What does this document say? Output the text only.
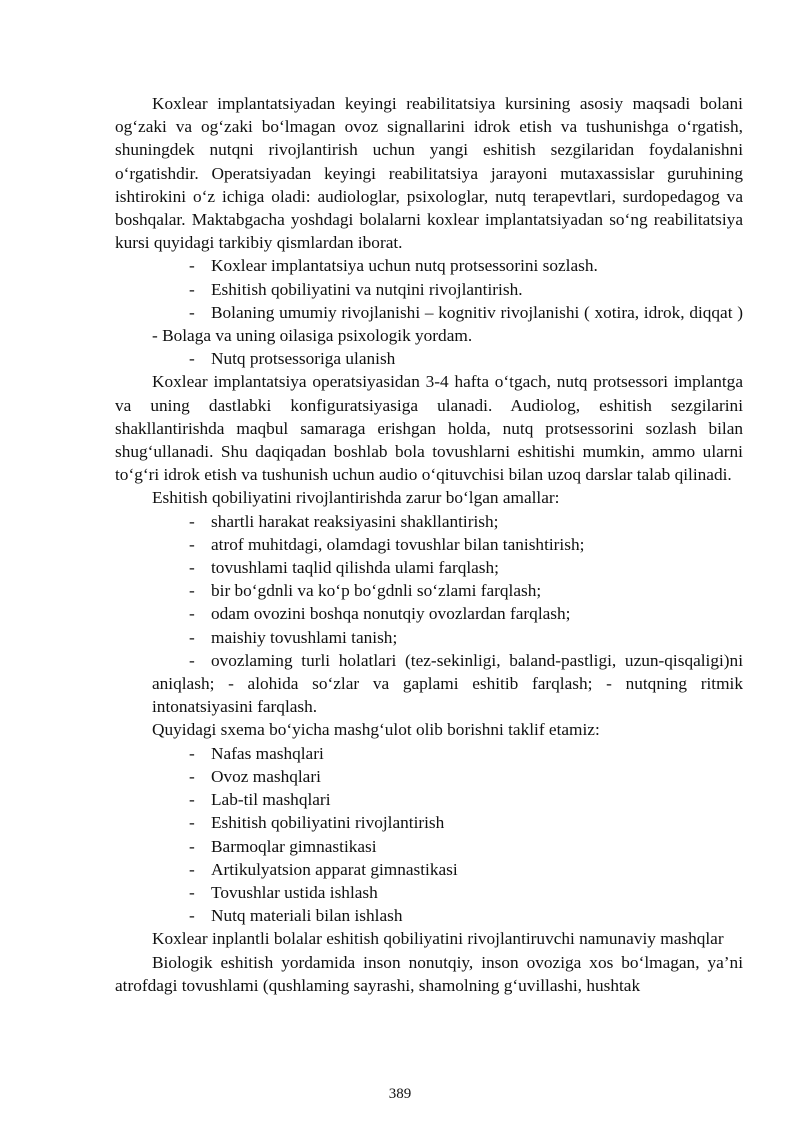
Koxlear implantatsiyadan keyingi reabilitatsiya kursining asosiy maqsadi bolani og‘zaki va og‘zaki bo‘lmagan ovoz signallarini idrok etish va tushunishga o‘rgatish, shuningdek nutqni rivojlantirish uchun yangi eshitish sezgilaridan foydalanishni o‘rgatishdir. Operatsiyadan keyingi reabilitatsiya jarayoni mutaxassislar guruhining ishtirokini o‘z ichiga oladi: audiologlar, psixologlar, nutq terapevtlari, surdopedagog va boshqalar. Maktabgacha yoshdagi bolalarni koxlear implantatsiyadan so‘ng reabilitatsiya kursi quyidagi tarkibiy qismlardan iborat.

- Koxlear implantatsiya uchun nutq protsessorini sozlash.

- Eshitish qobiliyatini va nutqini rivojlantirish.

- Bolaning umumiy rivojlanishi – kognitiv rivojlanishi ( xotira, idrok, diqqat ) - Bolaga va uning oilasiga psixologik yordam.

- Nutq protsessoriga ulanish

Koxlear implantatsiya operatsiyasidan 3-4 hafta o‘tgach, nutq protsessori implantga va uning dastlabki konfiguratsiyasiga ulanadi. Audiolog, eshitish sezgilarini shakllantirishda maqbul samaraga erishgan holda, nutq protsessorini sozlash bilan shug‘ullanadi. Shu daqiqadan boshlab bola tovushlarni eshitishi mumkin, ammo ularni to‘g‘ri idrok etish va tushunish uchun audio o‘qituvchisi bilan uzoq darslar talab qilinadi.

Eshitish qobiliyatini rivojlantirishda zarur bo‘lgan amallar:

- shartli harakat reaksiyasini shakllantirish;

- atrof muhitdagi, olamdagi tovushlar bilan tanishtirish;

- tovushlami taqlid qilishda ulami farqlash;

- bir bo‘gdnli va ko‘p bo‘gdnli so‘zlami farqlash;

- odam ovozini boshqa nonutqiy ovozlardan farqlash;

- maishiy tovushlami tanish;

- ovozlaming turli holatlari (tez-sekinligi, baland-pastligi, uzun-qisqaligi)ni aniqlash; - alohida so‘zlar va gaplami eshitib farqlash; - nutqning ritmik intonatsiyasini farqlash.

Quyidagi sxema bo‘yicha mashg‘ulot olib borishni taklif etamiz:

- Nafas mashqlari

- Ovoz mashqlari

- Lab-til mashqlari

- Eshitish qobiliyatini rivojlantirish

- Barmoqlar gimnastikasi

- Artikulyatsion apparat gimnastikasi

- Tovushlar ustida ishlash

- Nutq materiali bilan ishlash

Koxlear inplantli bolalar eshitish qobiliyatini rivojlantiruvchi namunaviy mashqlar

Biologik eshitish yordamida inson nonutqiy, inson ovoziga xos bo‘lmagan, ya’ni atrofdagi tovushlami (qushlaming sayrashi, shamolning g‘uvillashi, hushtak

389
